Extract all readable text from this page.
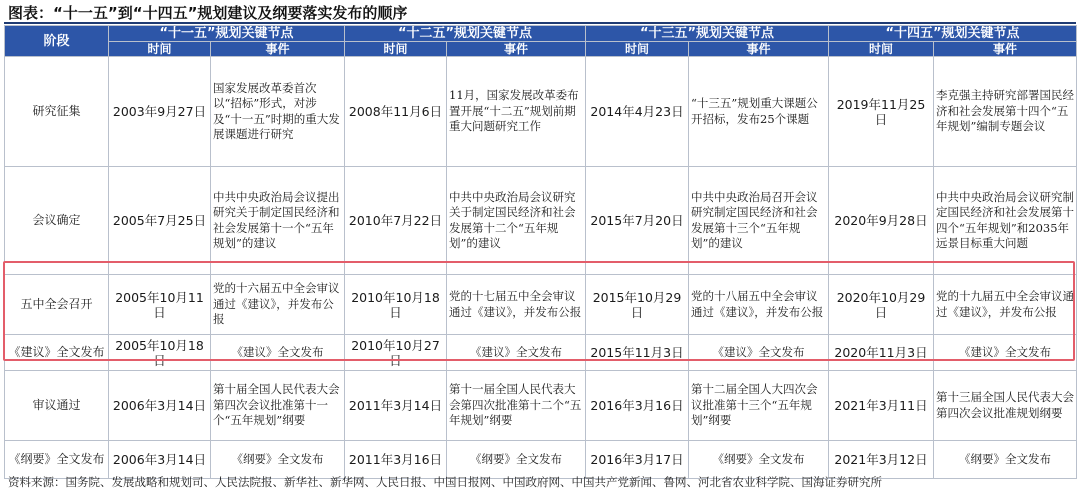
图表：“十一五”到“十四五”规划建议及纲要落实发布的顺序
阶段	“十一五”规划关键节点		“十二五”规划关键节点		“十三五”规划关键节点		“十四五”规划关键节点	
	时间	事件	时间	事件	时间	事件	时间	事件
研究征集	2003年9月27日	国家发展改革委首次以“招标”形式，对涉及“十一五”时期的重大发展课题进行研究	2008年11月6日	11月，国家发展改革委布置开展“十二五”规划前期重大问题研究工作	2014年4月23日	“十三五”规划重大课题公开招标，发布25个课题	2019年11月25日	李克强主持研究部署国民经济和社会发展第十四个“五年规划”编制专题会议
会议确定	2005年7月25日	中共中央政治局会议提出研究关于制定国民经济和社会发展第十一个“五年规划”的建议	2010年7月22日	中共中央政治局会议研究关于制定国民经济和社会发展第十二个“五年规划”的建议	2015年7月20日	中共中央政治局召开会议研究制定国民经济和社会发展第十三个“五年规划”的建议	2020年9月28日	中共中央政治局会议研究制定国民经济和社会发展第十四个“五年规划”和2035年远景目标重大问题
五中全会召开	2005年10月11日	党的十六届五中全会审议通过《建议》，并发布公报	2010年10月18日	党的十七届五中全会审议通过《建议》，并发布公报	2015年10月29日	党的十八届五中全会审议通过《建议》，并发布公报	2020年10月29日	党的十九届五中全会审议通过《建议》，并发布公报
《建议》全文发布	2005年10月18日	《建议》全文发布	2010年10月27日	《建议》全文发布	2015年11月3日	《建议》全文发布	2020年11月3日	《建议》全文发布
审议通过	2006年3月14日	第十届全国人民代表大会第四次会议批准第十一个“五年规划”纲要	2011年3月14日	第十一届全国人民代表大会第四次批准第十二个“五年规划”纲要	2016年3月16日	第十二届全国人大四次会议批准第十三个“五年规划”纲要	2021年3月11日	第十三届全国人民代表大会第四次会议批准规划纲要
《纲要》全文发布	2006年3月14日	《纲要》全文发布	2011年3月16日	《纲要》全文发布	2016年3月17日	《纲要》全文发布	2021年3月12日	《纲要》全文发布
资料来源：国务院、发展战略和规划司、人民法院报、新华社、新华网、人民日报、中国日报网、中国政府网、中国共产党新闻、鲁网、河北省农业科学院、国海证券研究所
